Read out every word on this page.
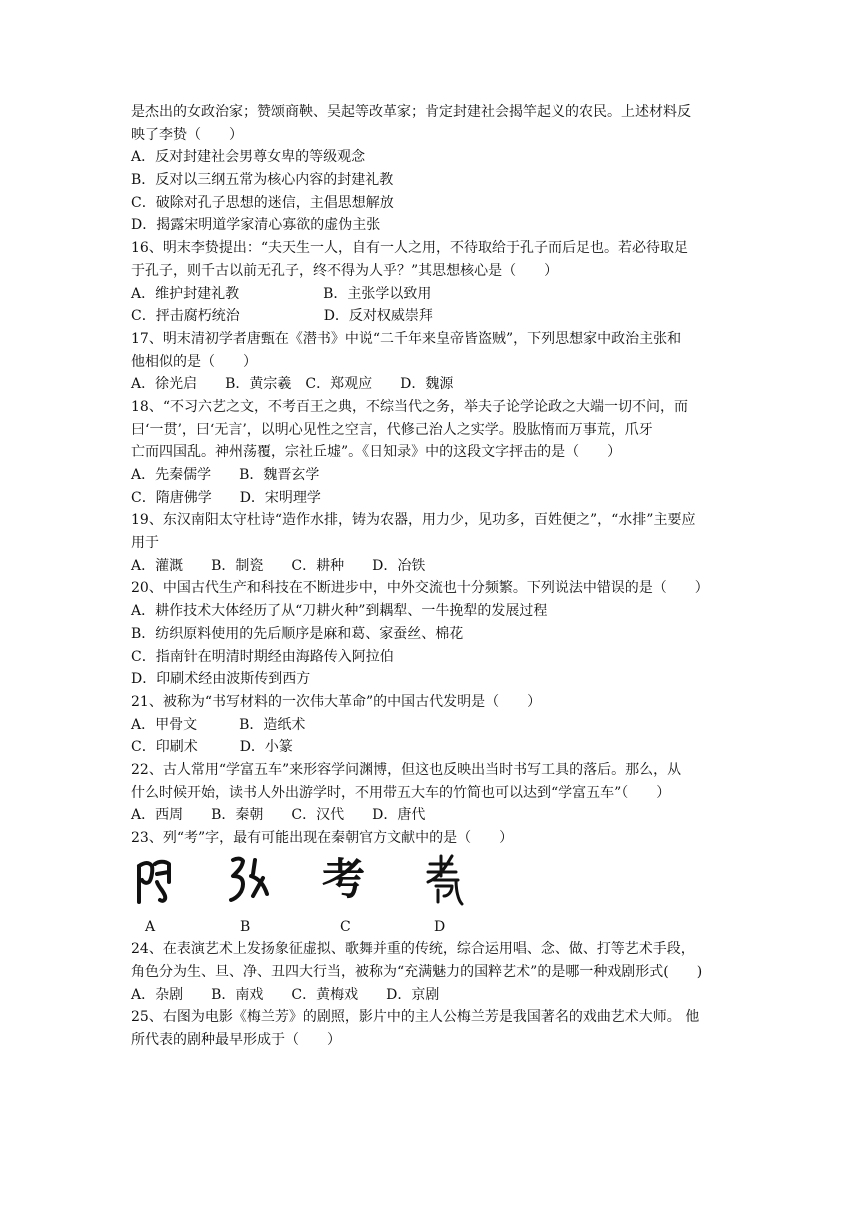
是杰出的女政治家；赞颂商鞅、吴起等改革家；肯定封建社会揭竿起义的农民。上述材料反
映了李贽（　　）
A．反对封建社会男尊女卑的等级观念
B．反对以三纲五常为核心内容的封建礼教
C．破除对孔子思想的迷信，主倡思想解放
D．揭露宋明道学家清心寡欲的虚伪主张
16、明末李贽提出：“夫天生一人，自有一人之用，不待取给于孔子而后足也。若必待取足
于孔子，则千古以前无孔子，终不得为人乎？”其思想核心是（　　）
A．维护封建礼教　　　　　　B．主张学以致用
C．抨击腐朽统治　　　　　　D．反对权威崇拜
17、明末清初学者唐甄在《潜书》中说“二千年来皇帝皆盗贼”，下列思想家中政治主张和
他相似的是（　　）
A．徐光启　　B．黄宗羲　C．郑观应　　D．魏源
18、“不习六艺之文，不考百王之典，不综当代之务，举夫子论学论政之大端一切不问，而
曰‘一贯’，曰‘无言’，以明心见性之空言，代修己治人之实学。股肱惰而万事荒，爪牙
亡而四国乱。神州荡覆，宗社丘墟”。《日知录》中的这段文字抨击的是（　　）
A．先秦儒学　　B．魏晋玄学
C．隋唐佛学　　D．宋明理学
19、东汉南阳太守杜诗“造作水排，铸为农器，用力少，见功多，百姓便之”，“水排”主要应
用于
A．灌溉　　B．制瓷　　C．耕种　　D．冶铁
20、中国古代生产和科技在不断进步中，中外交流也十分频繁。下列说法中错误的是（　　）
A．耕作技术大体经历了从“刀耕火种”到耦犁、一牛挽犁的发展过程
B．纺织原料使用的先后顺序是麻和葛、家蚕丝、棉花
C．指南针在明清时期经由海路传入阿拉伯
D．印刷术经由波斯传到西方
21、被称为“书写材料的一次伟大革命”的中国古代发明是（　　）
A．甲骨文　　　B．造纸术
C．印刷术　　　D．小篆
22、古人常用“学富五车”来形容学问渊博，但这也反映出当时书写工具的落后。那么，从
什么时候开始，读书人外出游学时，不用带五大车的竹简也可以达到“学富五车”（　　）
A．西周　　B．秦朝　　C．汉代　　D．唐代
23、列“考”字，最有可能出现在秦朝官方文献中的是（　　）
考
A	B	C	D
24、在表演艺术上发扬象征虚拟、歌舞并重的传统，综合运用唱、念、做、打等艺术手段，
角色分为生、旦、净、丑四大行当，被称为“充满魅力的国粹艺术”的是哪一种戏剧形式(　　)
A．杂剧　　B．南戏　　C．黄梅戏　　D．京剧
25、右图为电影《梅兰芳》的剧照，影片中的主人公梅兰芳是我国著名的戏曲艺术大师。 他
所代表的剧种最早形成于（　　）
